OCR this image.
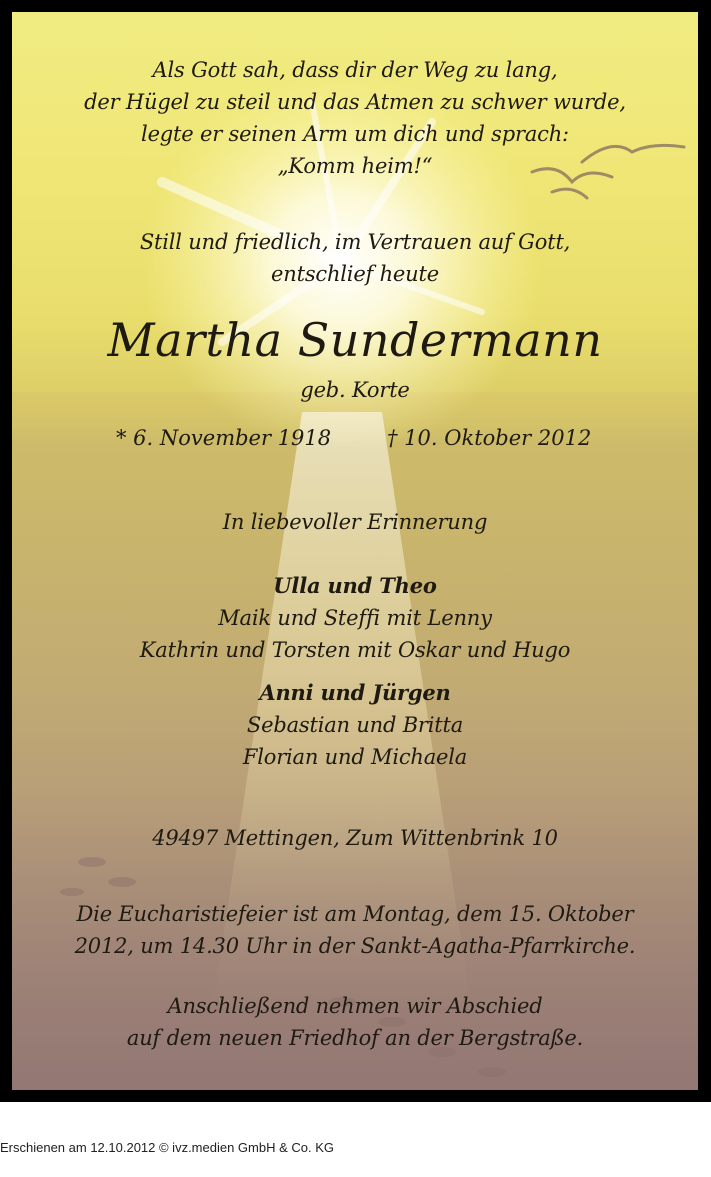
Als Gott sah, dass dir der Weg zu lang,

der Hügel zu steil und das Atmen zu schwer wurde,

legte er seinen Arm um dich und sprach:

„Komm heim!“

Still und friedlich, im Vertrauen auf Gott,

entschlief heute

Martha Sundermann

geb. Korte

* 6. November 1918	† 10. Oktober 2012

In liebevoller Erinnerung

Ulla und Theo

Maik und Steffi mit Lenny

Kathrin und Torsten mit Oskar und Hugo

Anni und Jürgen

Sebastian und Britta

Florian und Michaela

49497 Mettingen, Zum Wittenbrink 10

Die Eucharistiefeier ist am Montag, dem 15. Oktober

2012, um 14.30 Uhr in der Sankt-Agatha-Pfarrkirche.

Anschließend nehmen wir Abschied

auf dem neuen Friedhof an der Bergstraße.

Erschienen am 12.10.2012 © ivz.medien GmbH & Co. KG
